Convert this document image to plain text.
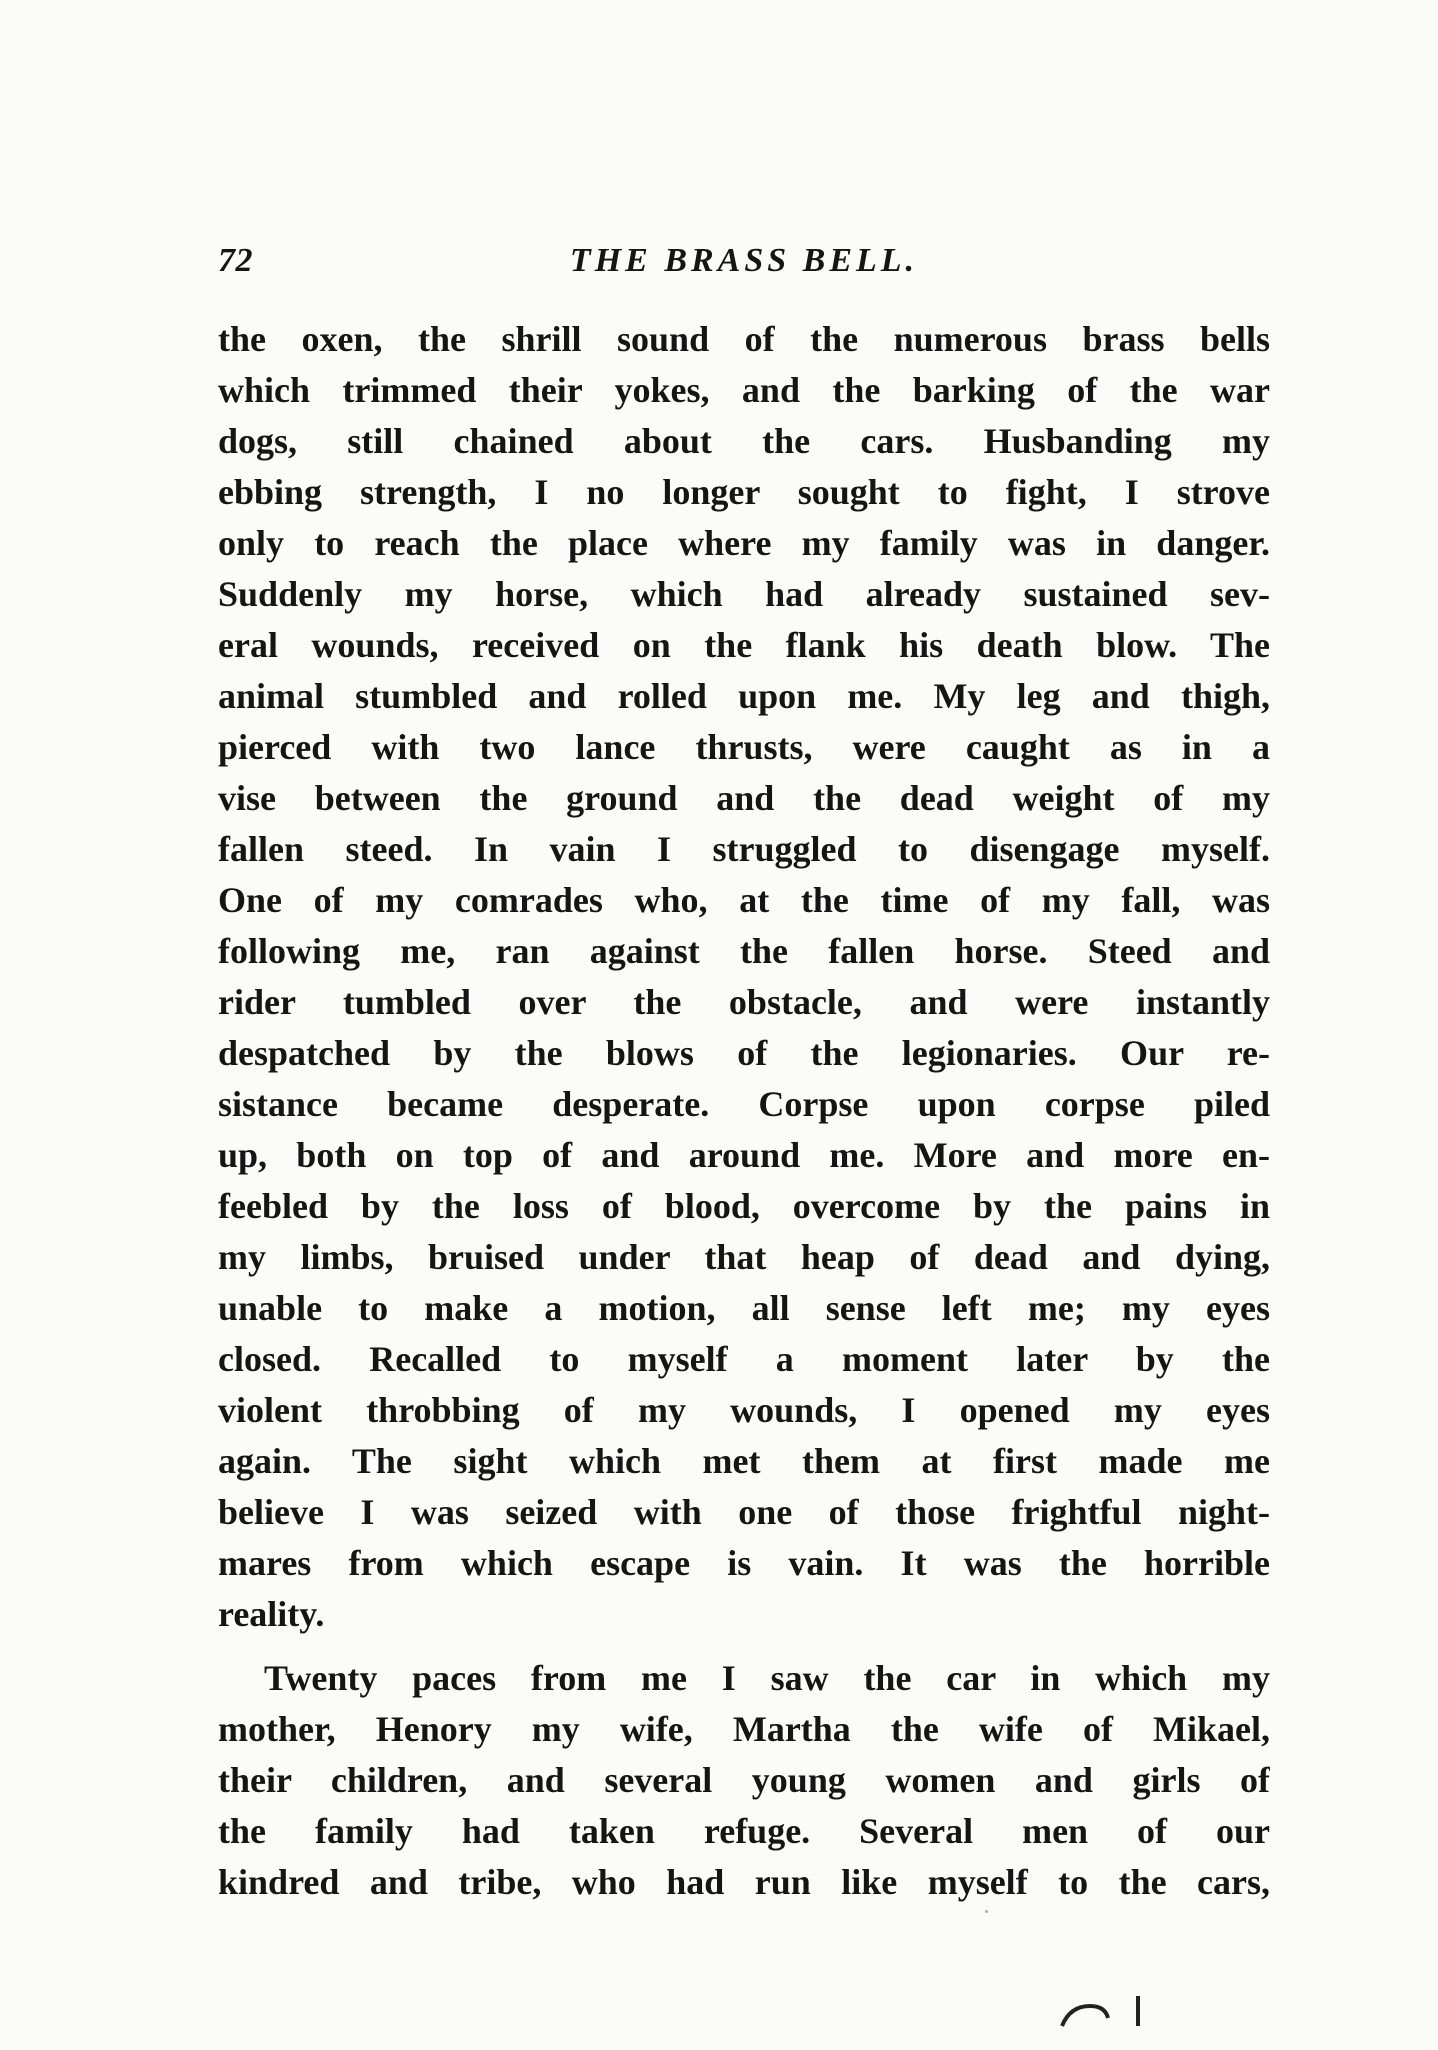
72	THE BRASS BELL.
the oxen, the shrill sound of the numerous brass bells
which trimmed their yokes, and the barking of the war
dogs, still chained about the cars. Husbanding my
ebbing strength, I no longer sought to fight, I strove
only to reach the place where my family was in danger.
Suddenly my horse, which had already sustained sev-
eral wounds, received on the flank his death blow. The
animal stumbled and rolled upon me. My leg and thigh,
pierced with two lance thrusts, were caught as in a
vise between the ground and the dead weight of my
fallen steed. In vain I struggled to disengage myself.
One of my comrades who, at the time of my fall, was
following me, ran against the fallen horse. Steed and
rider tumbled over the obstacle, and were instantly
despatched by the blows of the legionaries. Our re-
sistance became desperate. Corpse upon corpse piled
up, both on top of and around me. More and more en-
feebled by the loss of blood, overcome by the pains in
my limbs, bruised under that heap of dead and dying,
unable to make a motion, all sense left me; my eyes
closed. Recalled to myself a moment later by the
violent throbbing of my wounds, I opened my eyes
again. The sight which met them at first made me
believe I was seized with one of those frightful night-
mares from which escape is vain. It was the horrible
reality.
Twenty paces from me I saw the car in which my
mother, Henory my wife, Martha the wife of Mikael,
their children, and several young women and girls of
the family had taken refuge. Several men of our
kindred and tribe, who had run like myself to the cars,
